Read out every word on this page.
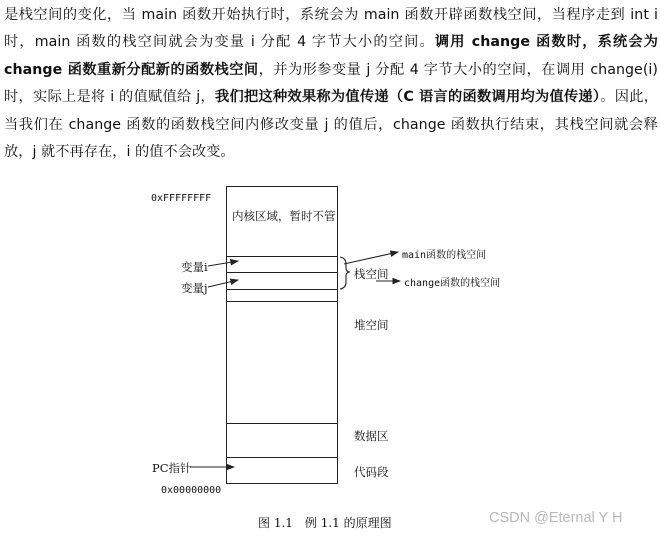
是栈空间的变化，当 main 函数开始执行时，系统会为 main 函数开辟函数栈空间，当程序走到 int i 时，main 函数的栈空间就会为变量 i 分配 4 字节大小的空间。调用 change 函数时，系统会为 change 函数重新分配新的函数栈空间，并为形参变量 j 分配 4 字节大小的空间，在调用 change(i)时，实际上是将 i 的值赋值给 j，我们把这种效果称为值传递（C 语言的函数调用均为值传递）。因此，当我们在 change 函数的函数栈空间内修改变量 j 的值后，change 函数执行结束，其栈空间就会释放，j 就不再存在，i 的值不会改变。
0xFFFFFFFF
内核区域，暂时不管
变量i
变量j
栈空间
main函数的栈空间
change函数的栈空间
堆空间
数据区
代码段
PC指针
0x00000000
图 1.1　例 1.1 的原理图	CSDN @Eternal Y H
